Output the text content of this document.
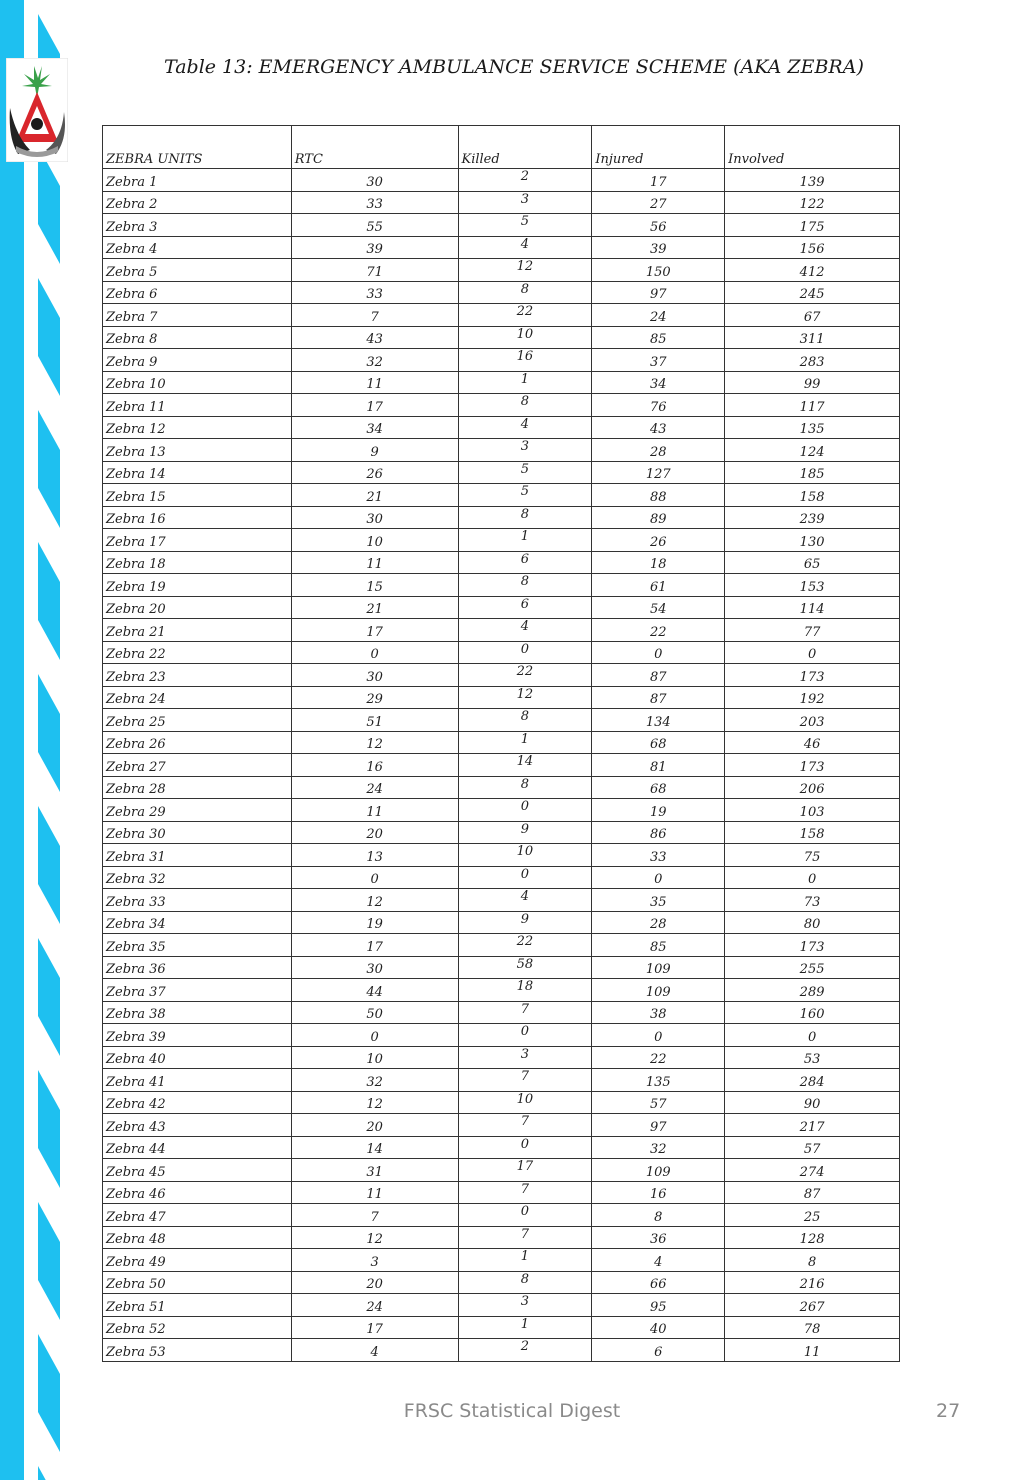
Table 13: EMERGENCY AMBULANCE SERVICE SCHEME (AKA ZEBRA)
ZEBRA UNITS	RTC	Killed	Injured	Involved
Zebra 1	30	2	17	139
Zebra 2	33	3	27	122
Zebra 3	55	5	56	175
Zebra 4	39	4	39	156
Zebra 5	71	12	150	412
Zebra 6	33	8	97	245
Zebra 7	7	22	24	67
Zebra 8	43	10	85	311
Zebra 9	32	16	37	283
Zebra 10	11	1	34	99
Zebra 11	17	8	76	117
Zebra 12	34	4	43	135
Zebra 13	9	3	28	124
Zebra 14	26	5	127	185
Zebra 15	21	5	88	158
Zebra 16	30	8	89	239
Zebra 17	10	1	26	130
Zebra 18	11	6	18	65
Zebra 19	15	8	61	153
Zebra 20	21	6	54	114
Zebra 21	17	4	22	77
Zebra 22	0	0	0	0
Zebra 23	30	22	87	173
Zebra 24	29	12	87	192
Zebra 25	51	8	134	203
Zebra 26	12	1	68	46
Zebra 27	16	14	81	173
Zebra 28	24	8	68	206
Zebra 29	11	0	19	103
Zebra 30	20	9	86	158
Zebra 31	13	10	33	75
Zebra 32	0	0	0	0
Zebra 33	12	4	35	73
Zebra 34	19	9	28	80
Zebra 35	17	22	85	173
Zebra 36	30	58	109	255
Zebra 37	44	18	109	289
Zebra 38	50	7	38	160
Zebra 39	0	0	0	0
Zebra 40	10	3	22	53
Zebra 41	32	7	135	284
Zebra 42	12	10	57	90
Zebra 43	20	7	97	217
Zebra 44	14	0	32	57
Zebra 45	31	17	109	274
Zebra 46	11	7	16	87
Zebra 47	7	0	8	25
Zebra 48	12	7	36	128
Zebra 49	3	1	4	8
Zebra 50	20	8	66	216
Zebra 51	24	3	95	267
Zebra 52	17	1	40	78
Zebra 53	4	2	6	11
FRSC Statistical Digest	27
